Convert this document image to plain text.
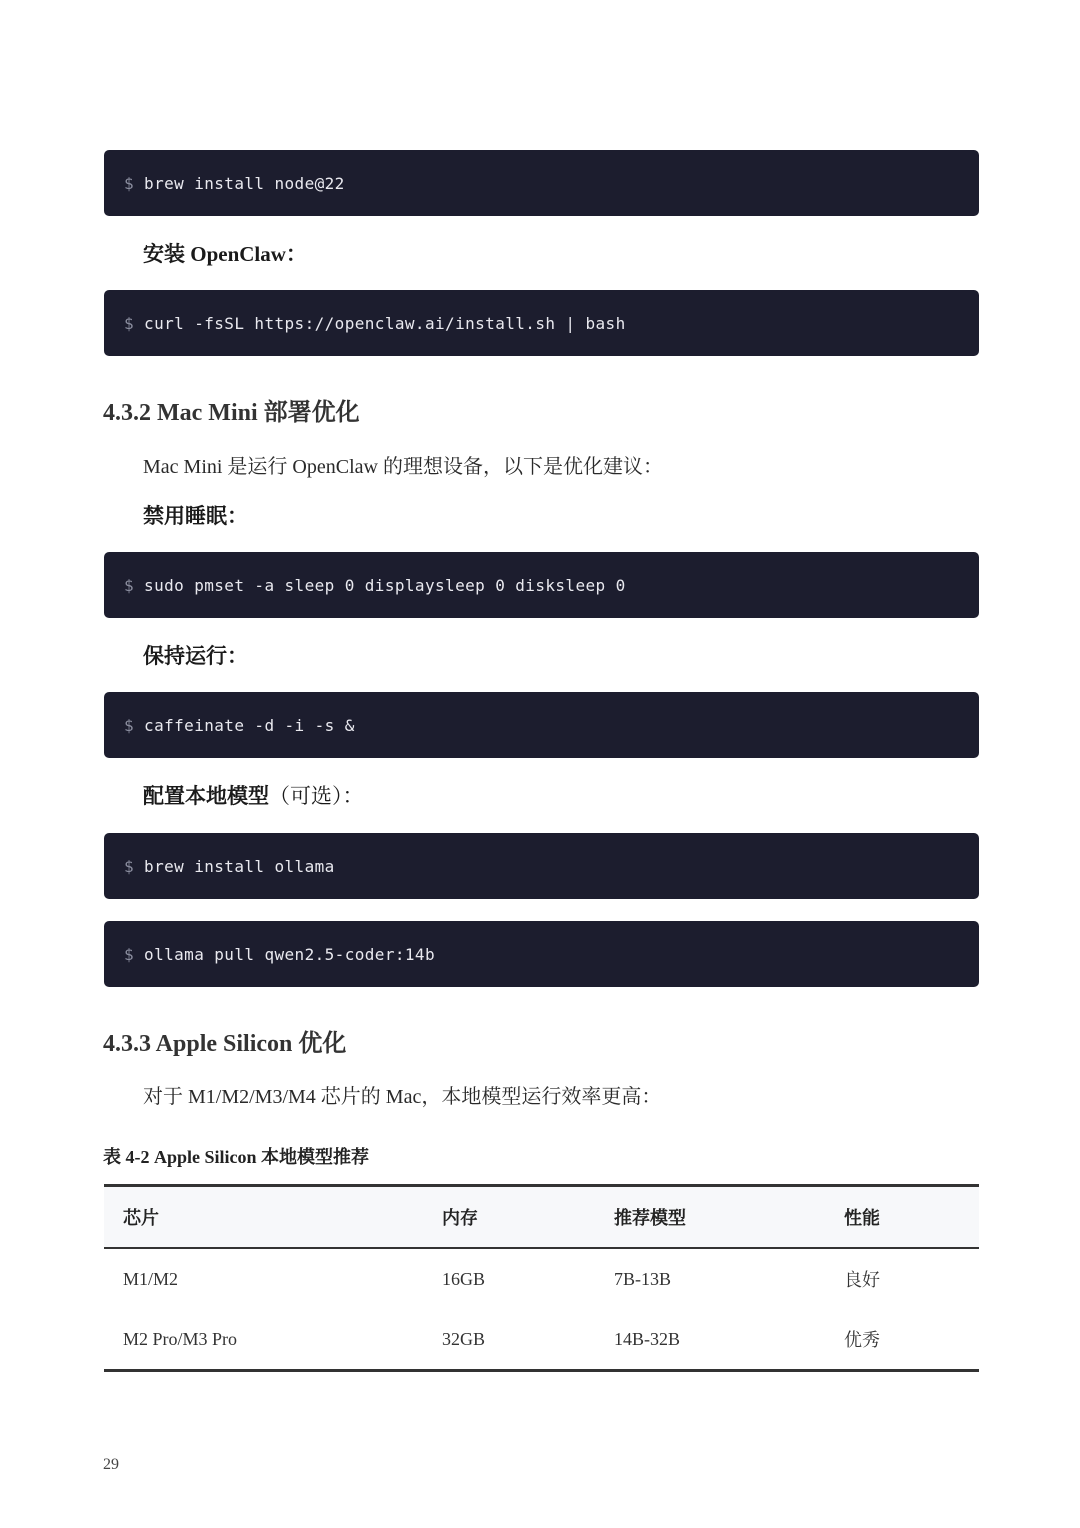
$ brew install node@22
安装 OpenClaw：
$ curl -fsSL https://openclaw.ai/install.sh | bash
4.3.2 Mac Mini 部署优化
Mac Mini 是运行 OpenClaw 的理想设备，以下是优化建议：
禁用睡眠：
$ sudo pmset -a sleep 0 displaysleep 0 disksleep 0
保持运行：
$ caffeinate -d -i -s &
配置本地模型（可选）：
$ brew install ollama
$ ollama pull qwen2.5-coder:14b
4.3.3 Apple Silicon 优化
对于 M1/M2/M3/M4 芯片的 Mac，本地模型运行效率更高：
表 4-2 Apple Silicon 本地模型推荐
芯片	内存	推荐模型	性能
M1/M2	16GB	7B-13B	良好
M2 Pro/M3 Pro	32GB	14B-32B	优秀
29
